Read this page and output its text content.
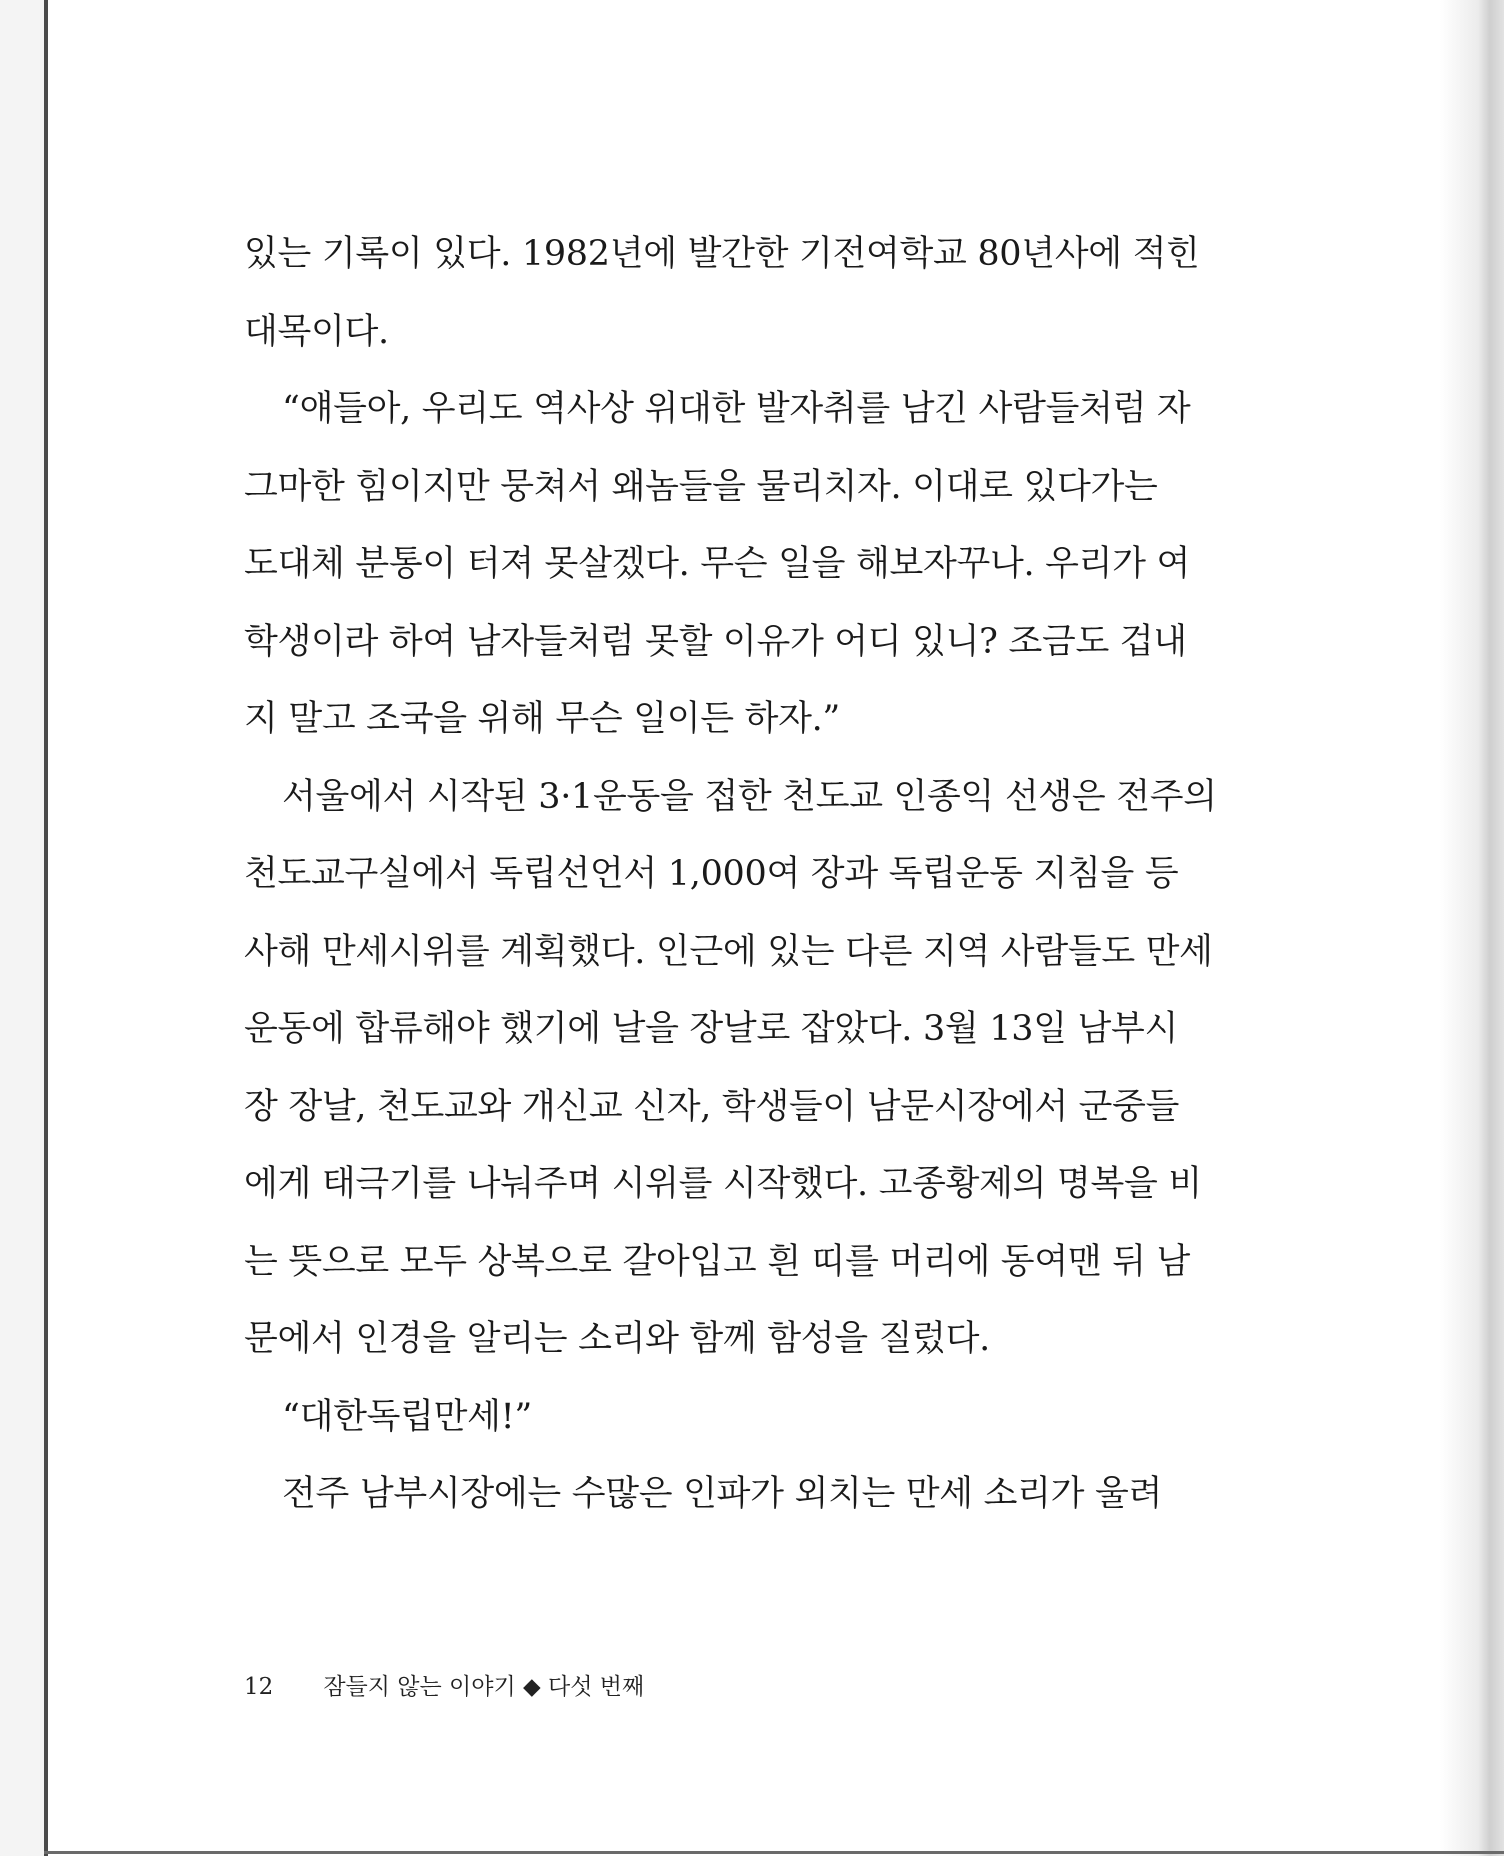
있는 기록이 있다. 1982년에 발간한 기전여학교 80년사에 적힌
대목이다.
“얘들아, 우리도 역사상 위대한 발자취를 남긴 사람들처럼 자
그마한 힘이지만 뭉쳐서 왜놈들을 물리치자. 이대로 있다가는
도대체 분통이 터져 못살겠다. 무슨 일을 해보자꾸나. 우리가 여
학생이라 하여 남자들처럼 못할 이유가 어디 있니? 조금도 겁내
지 말고 조국을 위해 무슨 일이든 하자.”
서울에서 시작된 3·1운동을 접한 천도교 인종익 선생은 전주의
천도교구실에서 독립선언서 1,000여 장과 독립운동 지침을 등
사해 만세시위를 계획했다. 인근에 있는 다른 지역 사람들도 만세
운동에 합류해야 했기에 날을 장날로 잡았다. 3월 13일 남부시
장 장날, 천도교와 개신교 신자, 학생들이 남문시장에서 군중들
에게 태극기를 나눠주며 시위를 시작했다. 고종황제의 명복을 비
는 뜻으로 모두 상복으로 갈아입고 흰 띠를 머리에 동여맨 뒤 남
문에서 인경을 알리는 소리와 함께 함성을 질렀다.
“대한독립만세!”
전주 남부시장에는 수많은 인파가 외치는 만세 소리가 울려
12 잠들지 않는 이야기 ◆ 다섯 번째
